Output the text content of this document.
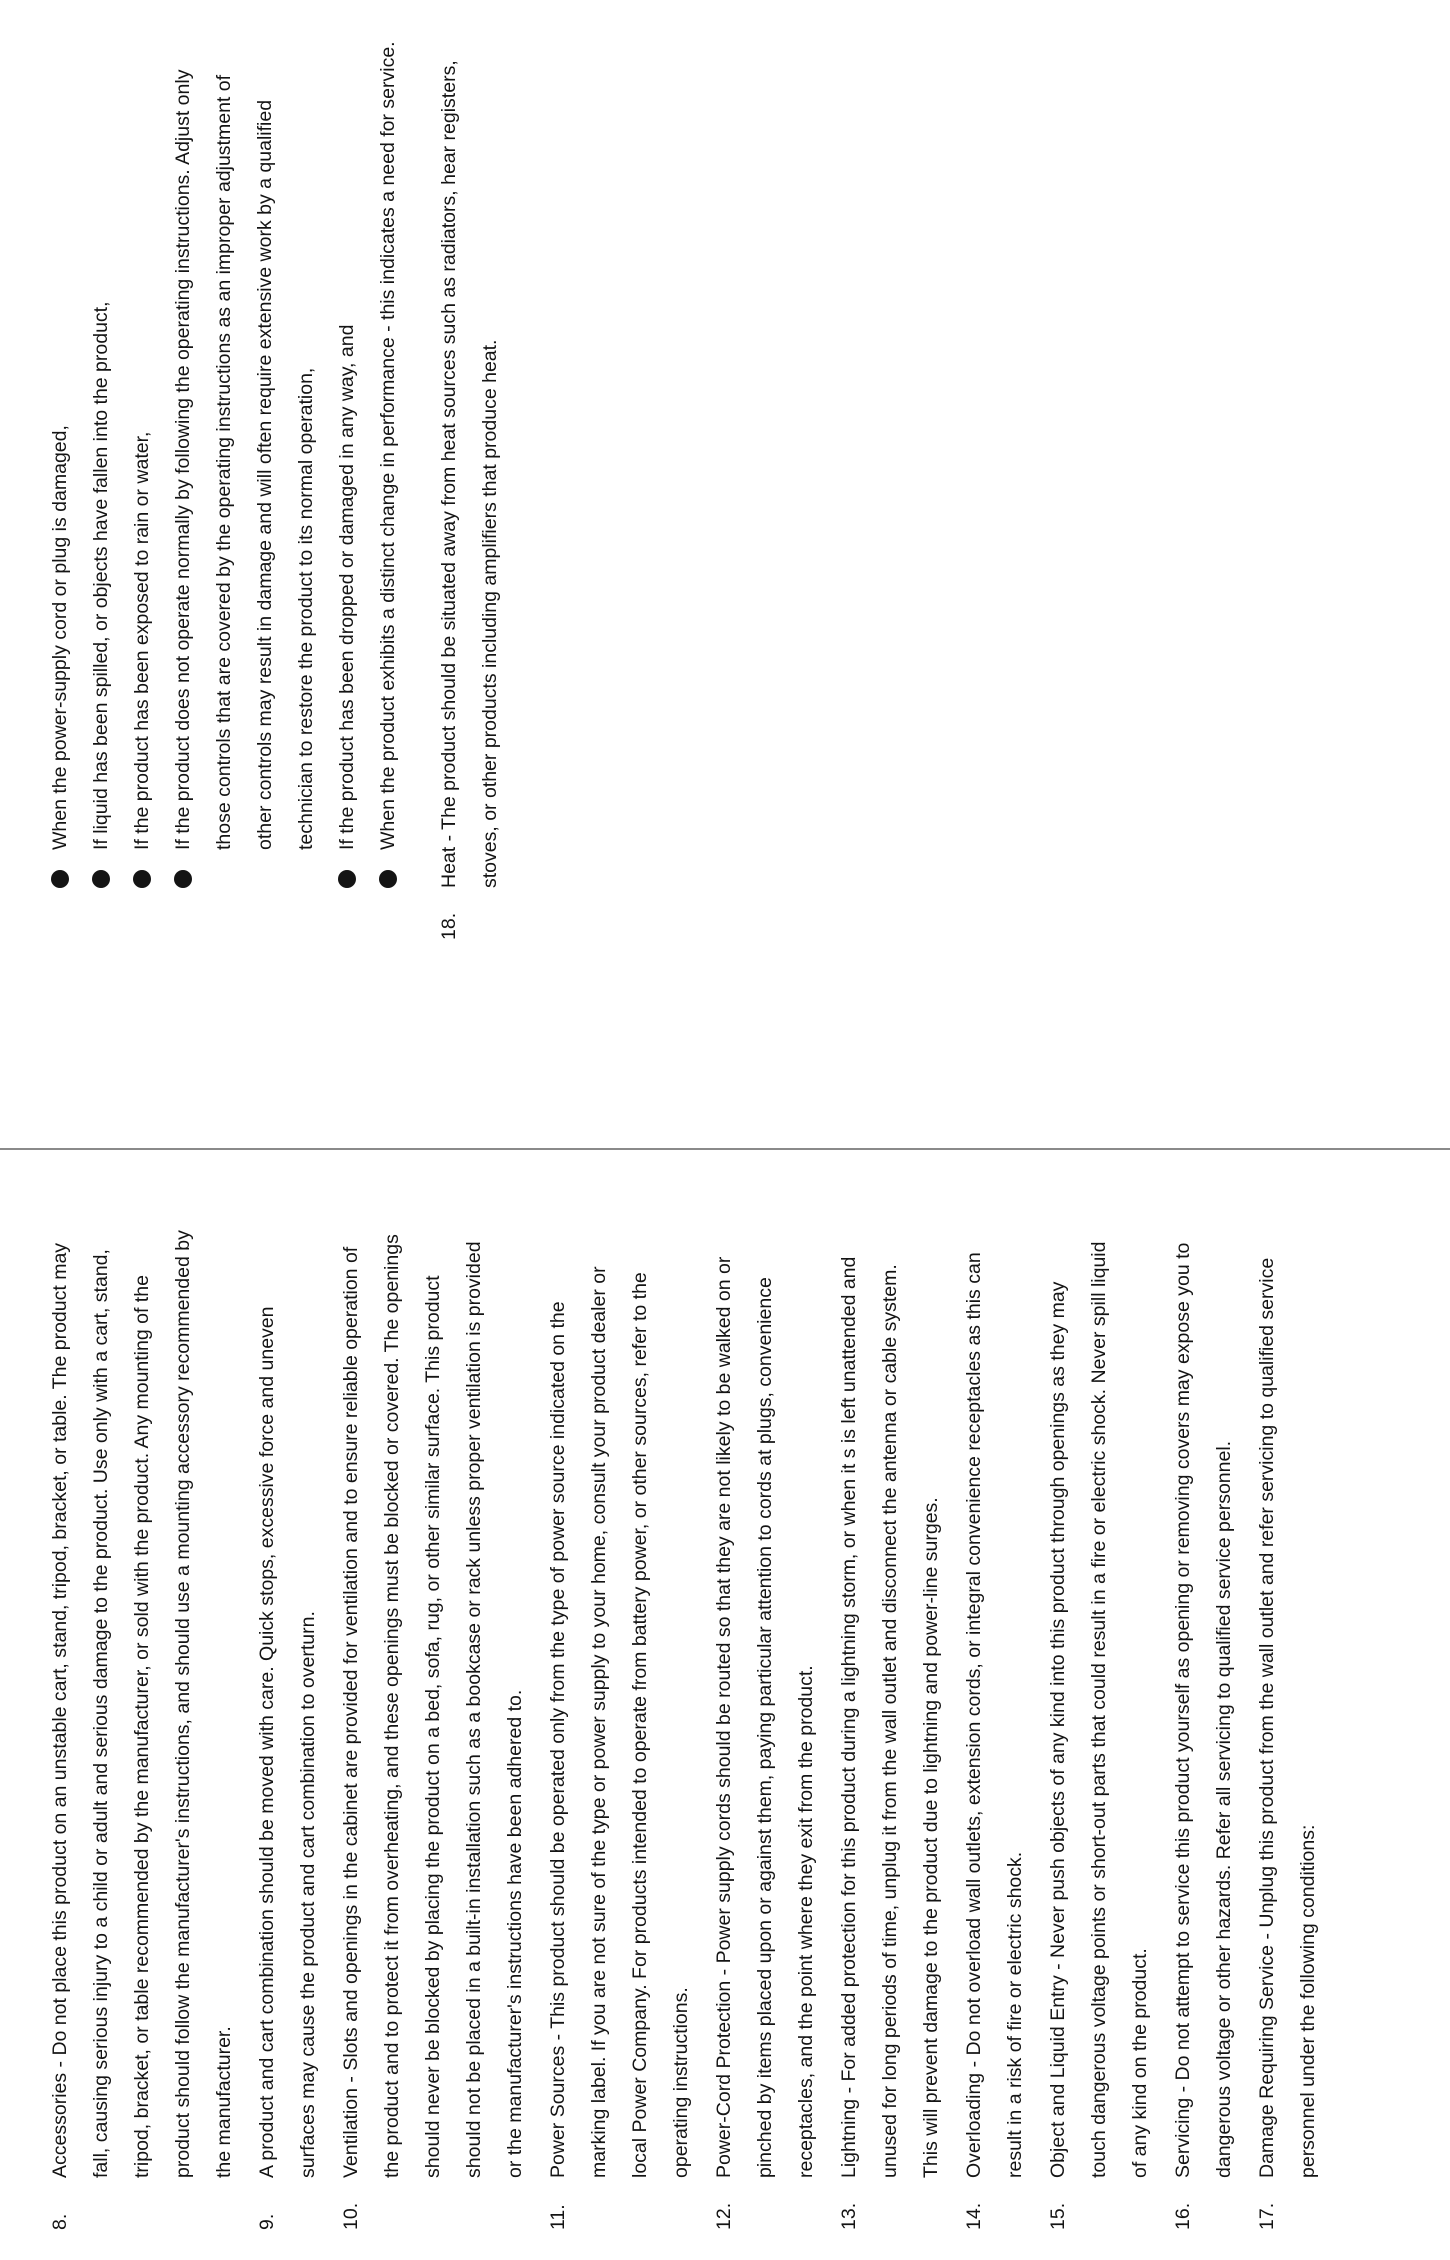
8.
Accessories - Do not place this product on an unstable cart, stand, tripod, bracket, or table. The product may fall, causing serious injury to a child or adult and serious damage to the product. Use only with a cart, stand, tripod, bracket, or table recommended by the manufacturer, or sold with the product. Any mounting of the product should follow the manufacturer's instructions, and should use a mounting accessory recommended by the manufacturer.
9.
A product and cart combination should be moved with care. Quick stops, excessive force and uneven surfaces may cause the product and cart combination to overturn.
10.
Ventilation - Slots and openings in the cabinet are provided for ventilation and to ensure reliable operation of the product and to protect it from overheating, and these openings must be blocked or covered. The openings should never be blocked by placing the product on a bed, sofa, rug, or other similar surface. This product should not be placed in a built-in installation such as a bookcase or rack unless proper ventilation is provided or the manufacturer's instructions have been adhered to.
11.
Power Sources - This product should be operated only from the type of power source indicated on the marking label. If you are not sure of the type or power supply to your home, consult your product dealer or local Power Company. For products intended to operate from battery power, or other sources, refer to the operating instructions.
12.
Power-Cord Protection - Power supply cords should be routed so that they are not likely to be walked on or pinched by items placed upon or against them, paying particular attention to cords at plugs, convenience receptacles, and the point where they exit from the product.
13.
Lightning - For added protection for this product during a lightning storm, or when it s is left unattended and unused for long periods of time, unplug it from the wall outlet and disconnect the antenna or cable system. This will prevent damage to the product due to lightning and power-line surges.
14.
Overloading - Do not overload wall outlets, extension cords, or integral convenience receptacles as this can result in a risk of fire or electric shock.
15.
Object and Liquid Entry - Never push objects of any kind into this product through openings as they may touch dangerous voltage points or short-out parts that could result in a fire or electric shock. Never spill liquid of any kind on the product.
16.
Servicing - Do not attempt to service this product yourself as opening or removing covers may expose you to dangerous voltage or other hazards. Refer all servicing to qualified service personnel.
17.
Damage Requiring Service - Unplug this product from the wall outlet and refer servicing to qualified service personnel under the following conditions:
When the power-supply cord or plug is damaged, If liquid has been spilled, or objects have fallen into the product, If the product has been exposed to rain or water, If the product does not operate normally by following the operating instructions. Adjust only those controls that are covered by the operating instructions as an improper adjustment of other controls may result in damage and will often require extensive work by a qualified technician to restore the product to its normal operation, If the product has been dropped or damaged in any way, and When the product exhibits a distinct change in performance - this indicates a need for service.
18.
Heat - The product should be situated away from heat sources such as radiators, hear registers, stoves, or other products including amplifiers that produce heat.
